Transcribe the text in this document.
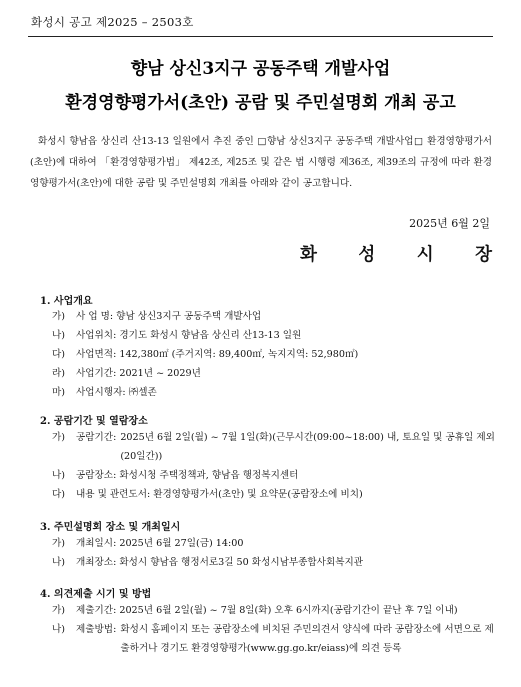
화성시 공고 제2025 – 2503호
향남 상신3지구 공동주택 개발사업
환경영향평가서(초안) 공람 및 주민설명회 개최 공고
화성시 향남읍 상신리 산13-13 일원에서 추진 중인 □향남 상신3지구 공동주택 개발사업□ 환경영향평가서(초안)에 대하여 「환경영향평가법」 제42조, 제25조 및 같은 법 시행령 제36조, 제39조의 규정에 따라 환경영향평가서(초안)에 대한 공람 및 주민설명회 개최를 아래와 같이 공고합니다.
2025년 6월 2일
화 성 시 장
1. 사업개요
가)	사 업 명: 향남 상신3지구 공동주택 개발사업
나)	사업위치: 경기도 화성시 향남읍 상신리 산13-13 일원
다)	사업면적: 142,380㎡ (주거지역: 89,400㎡, 녹지지역: 52,980㎡)
라)	사업기간: 2021년 ~ 2029년
마)	사업시행자: ㈜셀존
2. 공람기간 및 열람장소
가)	공람기간: 2025년 6월 2일(월) ~ 7월 1일(화)(근무시간(09:00~18:00) 내, 토요일 및 공휴일 제외(20일간))
나)	공람장소: 화성시청 주택정책과, 향남읍 행정복지센터
다)	내용 및 관련도서: 환경영향평가서(초안) 및 요약문(공람장소에 비치)
3. 주민설명회 장소 및 개최일시
가)	개최일시: 2025년 6월 27일(금) 14:00
나)	개최장소: 화성시 향남읍 행정서로3길 50 화성시남부종합사회복지관
4. 의견제출 시기 및 방법
가)	제출기간: 2025년 6월 2일(월) ~ 7월 8일(화) 오후 6시까지(공람기간이 끝난 후 7일 이내)
나)	제출방법: 화성시 홈페이지 또는 공람장소에 비치된 주민의견서 양식에 따라 공람장소에 서면으로 제출하거나 경기도 환경영향평가(www.gg.go.kr/eiass)에 의견 등록
